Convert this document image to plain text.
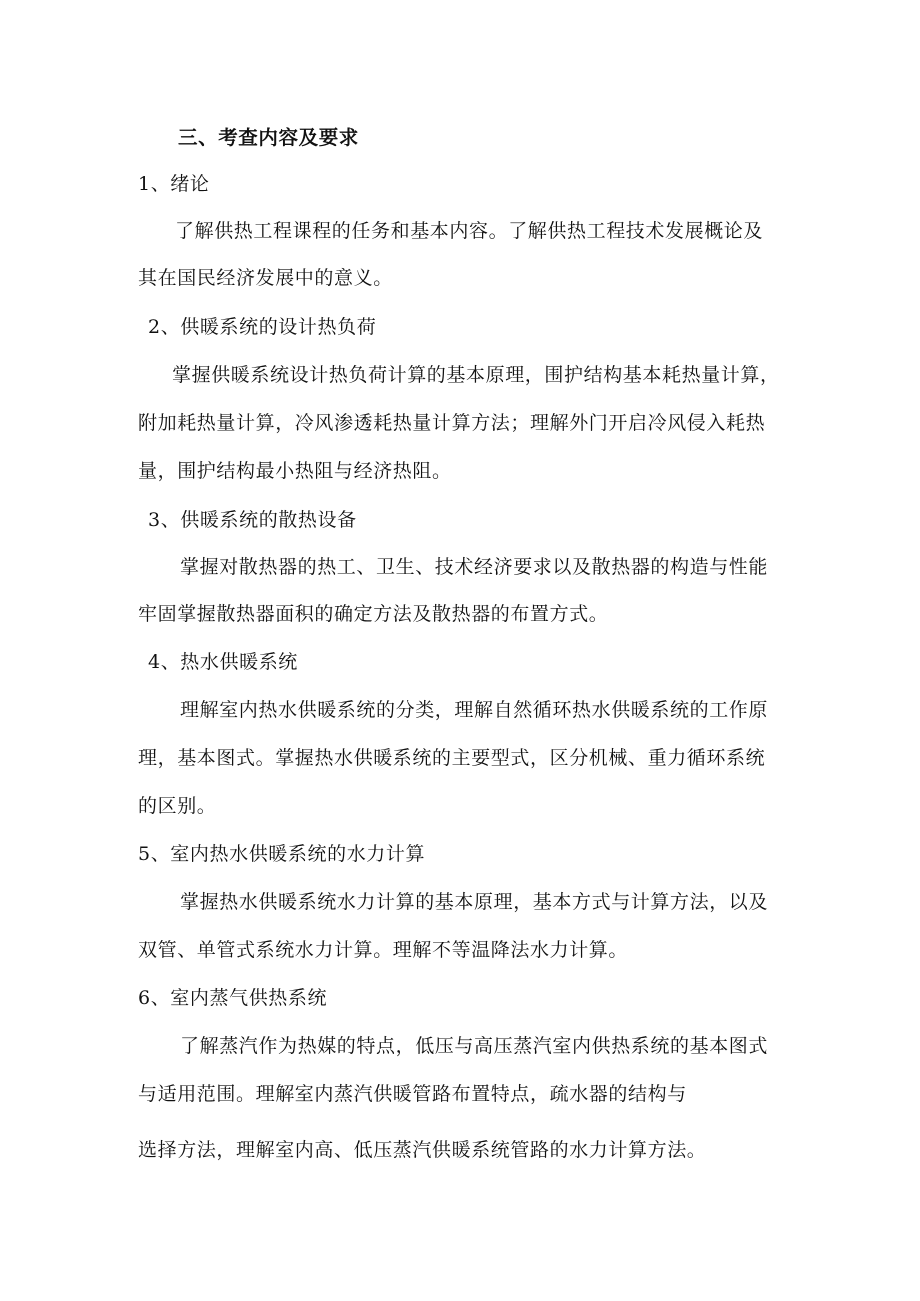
三、考查内容及要求
1、绪论
了解供热工程课程的任务和基本内容。了解供热工程技术发展概论及
其在国民经济发展中的意义。
2、供暖系统的设计热负荷
掌握供暖系统设计热负荷计算的基本原理，围护结构基本耗热量计算，
附加耗热量计算，冷风渗透耗热量计算方法；理解外门开启冷风侵入耗热
量，围护结构最小热阻与经济热阻。
3、供暖系统的散热设备
掌握对散热器的热工、卫生、技术经济要求以及散热器的构造与性能
牢固掌握散热器面积的确定方法及散热器的布置方式。
4、热水供暖系统
理解室内热水供暖系统的分类，理解自然循环热水供暖系统的工作原
理，基本图式。掌握热水供暖系统的主要型式，区分机械、重力循环系统
的区别。
5、室内热水供暖系统的水力计算
掌握热水供暖系统水力计算的基本原理，基本方式与计算方法，以及
双管、单管式系统水力计算。理解不等温降法水力计算。
6、室内蒸气供热系统
了解蒸汽作为热媒的特点，低压与高压蒸汽室内供热系统的基本图式
与适用范围。理解室内蒸汽供暖管路布置特点，疏水器的结构与
选择方法，理解室内高、低压蒸汽供暖系统管路的水力计算方法。
